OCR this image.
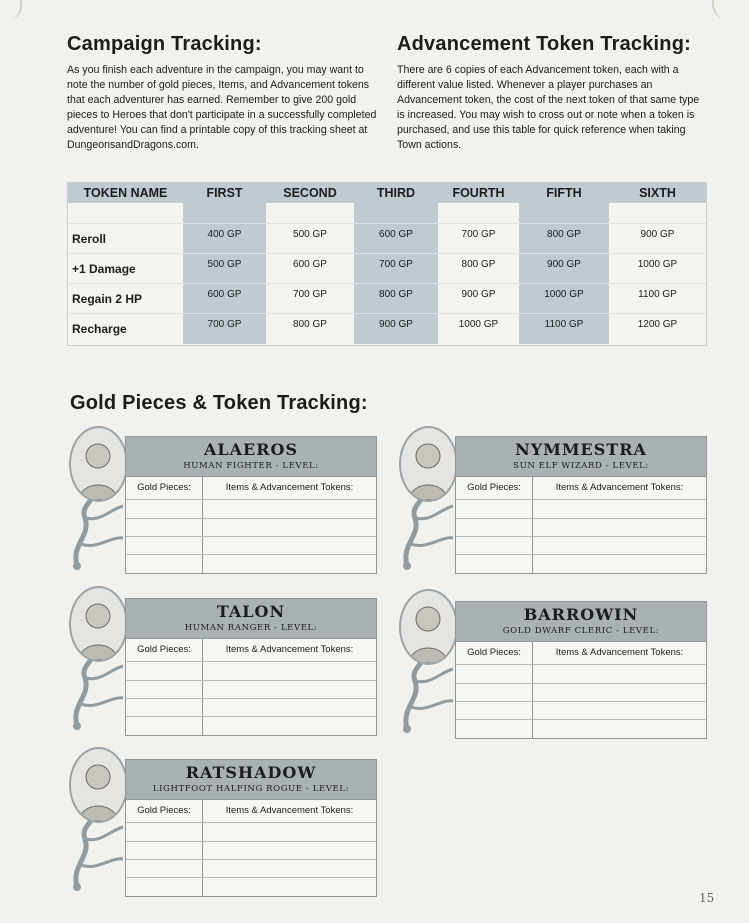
Campaign Tracking:
As you finish each adventure in the campaign, you may want to note the number of gold pieces, Items, and Advancement tokens that each adventurer has earned. Remember to give 200 gold pieces to Heroes that don't participate in a successfully completed adventure! You can find a printable copy of this tracking sheet at DungeonsandDragons.com.
Advancement Token Tracking:
There are 6 copies of each Advancement token, each with a different value listed. Whenever a player purchases an Advancement token, the cost of the next token of that same type is increased. You may wish to cross out or note when a token is purchased, and use this table for quick reference when taking Town actions.
TOKEN NAME	FIRST	SECOND	THIRD	FOURTH	FIFTH	SIXTH
Reroll	400 GP	500 GP	600 GP	700 GP	800 GP	900 GP
+1 Damage	500 GP	600 GP	700 GP	800 GP	900 GP	1000 GP
Regain 2 HP	600 GP	700 GP	800 GP	900 GP	1000 GP	1100 GP
Recharge	700 GP	800 GP	900 GP	1000 GP	1100 GP	1200 GP
Gold Pieces & Token Tracking:
ALAEROS
HUMAN FIGHTER - LEVEL:
Gold Pieces:	Items & Advancement Tokens:
NYMMESTRA
SUN ELF WIZARD - LEVEL:
Gold Pieces:	Items & Advancement Tokens:
TALON
HUMAN RANGER - LEVEL:
Gold Pieces:	Items & Advancement Tokens:
BARROWIN
GOLD DWARF CLERIC - LEVEL:
Gold Pieces:	Items & Advancement Tokens:
RATSHADOW
LIGHTFOOT HALFING ROGUE - LEVEL:
Gold Pieces:	Items & Advancement Tokens:
15
